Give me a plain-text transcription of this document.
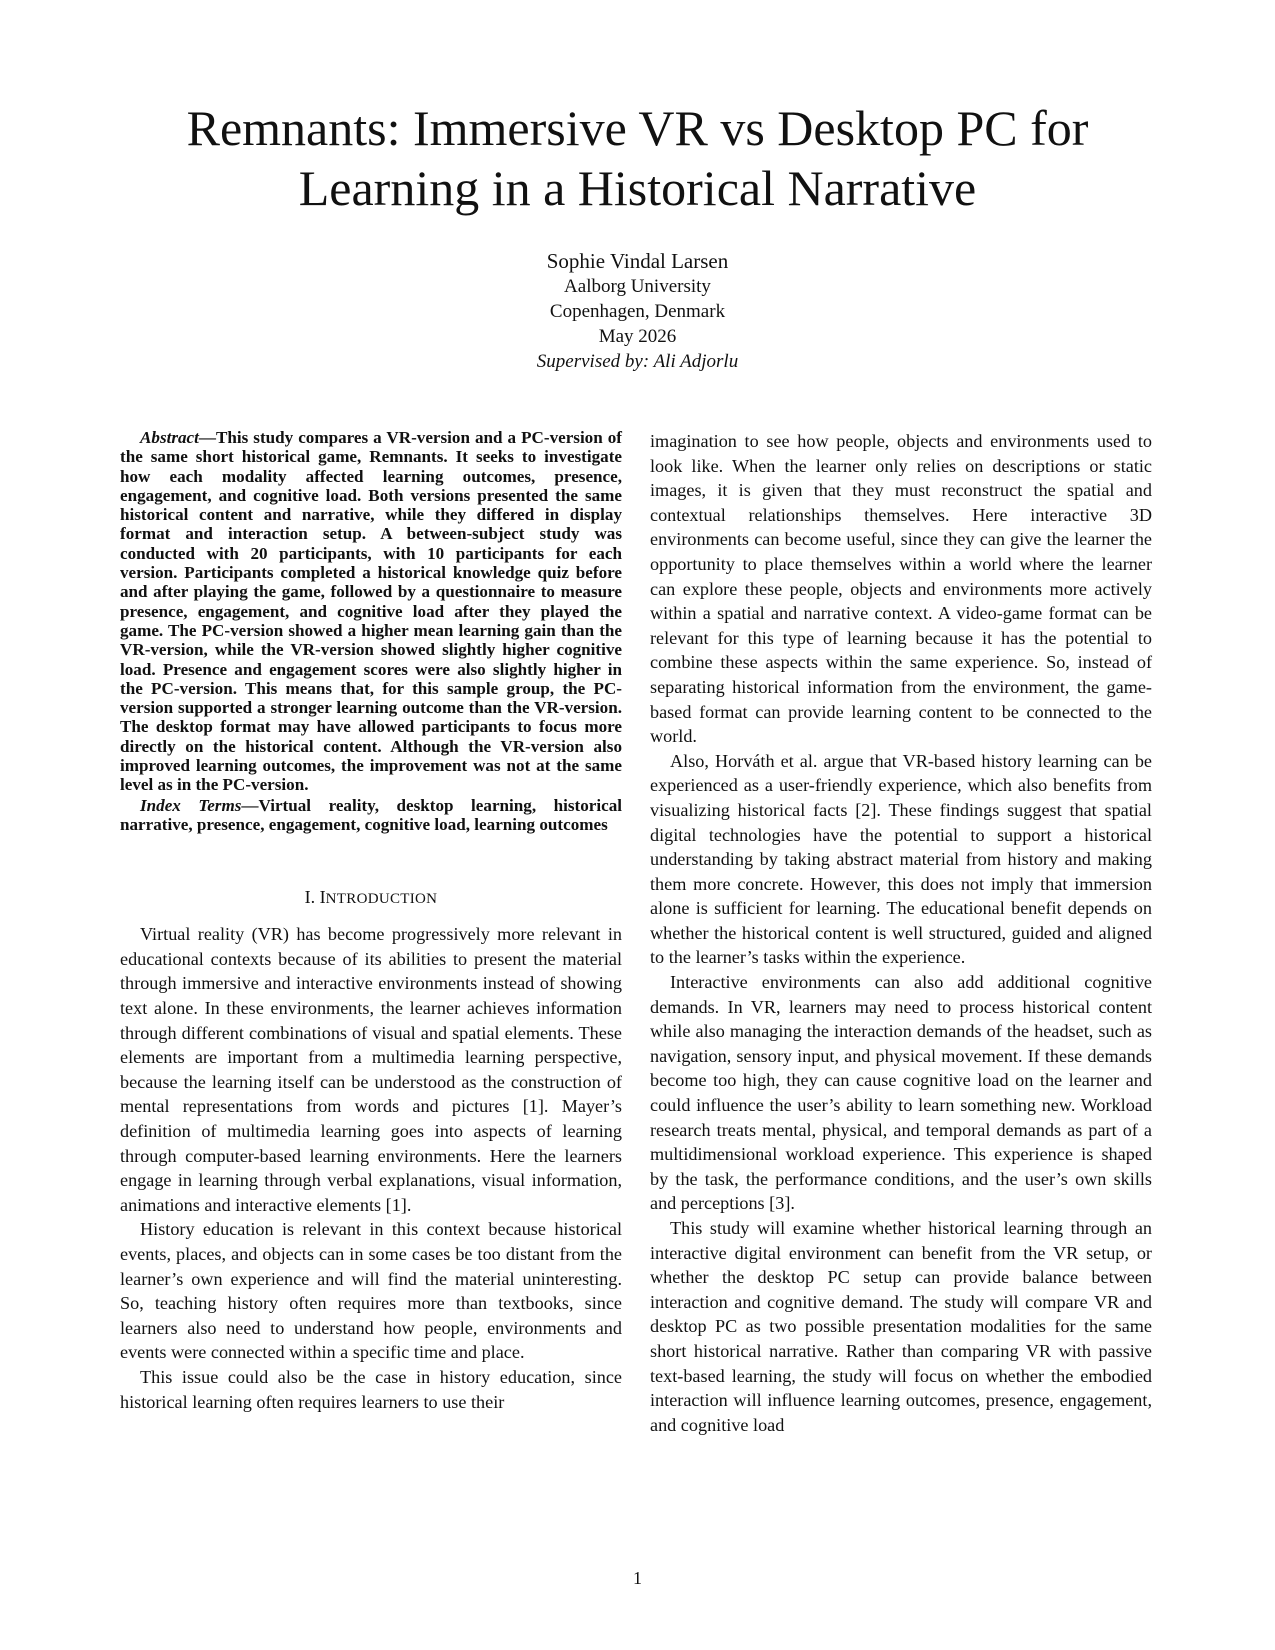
Remnants: Immersive VR vs Desktop PC for
Learning in a Historical Narrative
Sophie Vindal Larsen
Aalborg University
Copenhagen, Denmark
May 2026
Supervised by: Ali Adjorlu

Abstract—This study compares a VR-version and a PC-version of the same short historical game, Remnants. It seeks to investigate how each modality affected learning outcomes, presence, engagement, and cognitive load. Both versions presented the same historical content and narrative, while they differed in display format and interaction setup. A between-subject study was conducted with 20 participants, with 10 participants for each version. Participants completed a historical knowledge quiz before and after playing the game, followed by a questionnaire to measure presence, engagement, and cognitive load after they played the game. The PC-version showed a higher mean learning gain than the VR-version, while the VR-version showed slightly higher cognitive load. Presence and engagement scores were also slightly higher in the PC-version. This means that, for this sample group, the PC-version supported a stronger learning outcome than the VR-version. The desktop format may have allowed participants to focus more directly on the historical content. Although the VR-version also improved learning outcomes, the improvement was not at the same level as in the PC-version.

Index Terms—Virtual reality, desktop learning, historical narrative, presence, engagement, cognitive load, learning outcomes

I. INTRODUCTION

Virtual reality (VR) has become progressively more relevant in educational contexts because of its abilities to present the material through immersive and interactive environments instead of showing text alone. In these environments, the learner achieves information through different combinations of visual and spatial elements. These elements are important from a multimedia learning perspective, because the learning itself can be understood as the construction of mental representations from words and pictures [1]. Mayer’s definition of multimedia learning goes into aspects of learning through computer-based learning environments. Here the learners engage in learning through verbal explanations, visual information, animations and interactive elements [1].

History education is relevant in this context because historical events, places, and objects can in some cases be too distant from the learner’s own experience and will find the material uninteresting. So, teaching history often requires more than textbooks, since learners also need to understand how people, environments and events were connected within a specific time and place.

This issue could also be the case in history education, since historical learning often requires learners to use their

imagination to see how people, objects and environments used to look like. When the learner only relies on descriptions or static images, it is given that they must reconstruct the spatial and contextual relationships themselves. Here interactive 3D environments can become useful, since they can give the learner the opportunity to place themselves within a world where the learner can explore these people, objects and environments more actively within a spatial and narrative context. A video-game format can be relevant for this type of learning because it has the potential to combine these aspects within the same experience. So, instead of separating historical information from the environment, the game-based format can provide learning content to be connected to the world.

Also, Horváth et al. argue that VR-based history learning can be experienced as a user-friendly experience, which also benefits from visualizing historical facts [2]. These findings suggest that spatial digital technologies have the potential to support a historical understanding by taking abstract material from history and making them more concrete. However, this does not imply that immersion alone is sufficient for learning. The educational benefit depends on whether the historical content is well structured, guided and aligned to the learner’s tasks within the experience.

Interactive environments can also add additional cognitive demands. In VR, learners may need to process historical content while also managing the interaction demands of the headset, such as navigation, sensory input, and physical movement. If these demands become too high, they can cause cognitive load on the learner and could influence the user’s ability to learn something new. Workload research treats mental, physical, and temporal demands as part of a multidimensional workload experience. This experience is shaped by the task, the performance conditions, and the user’s own skills and perceptions [3].

This study will examine whether historical learning through an interactive digital environment can benefit from the VR setup, or whether the desktop PC setup can provide balance between interaction and cognitive demand. The study will compare VR and desktop PC as two possible presentation modalities for the same short historical narrative. Rather than comparing VR with passive text-based learning, the study will focus on whether the embodied interaction will influence learning outcomes, presence, engagement, and cognitive load

1
